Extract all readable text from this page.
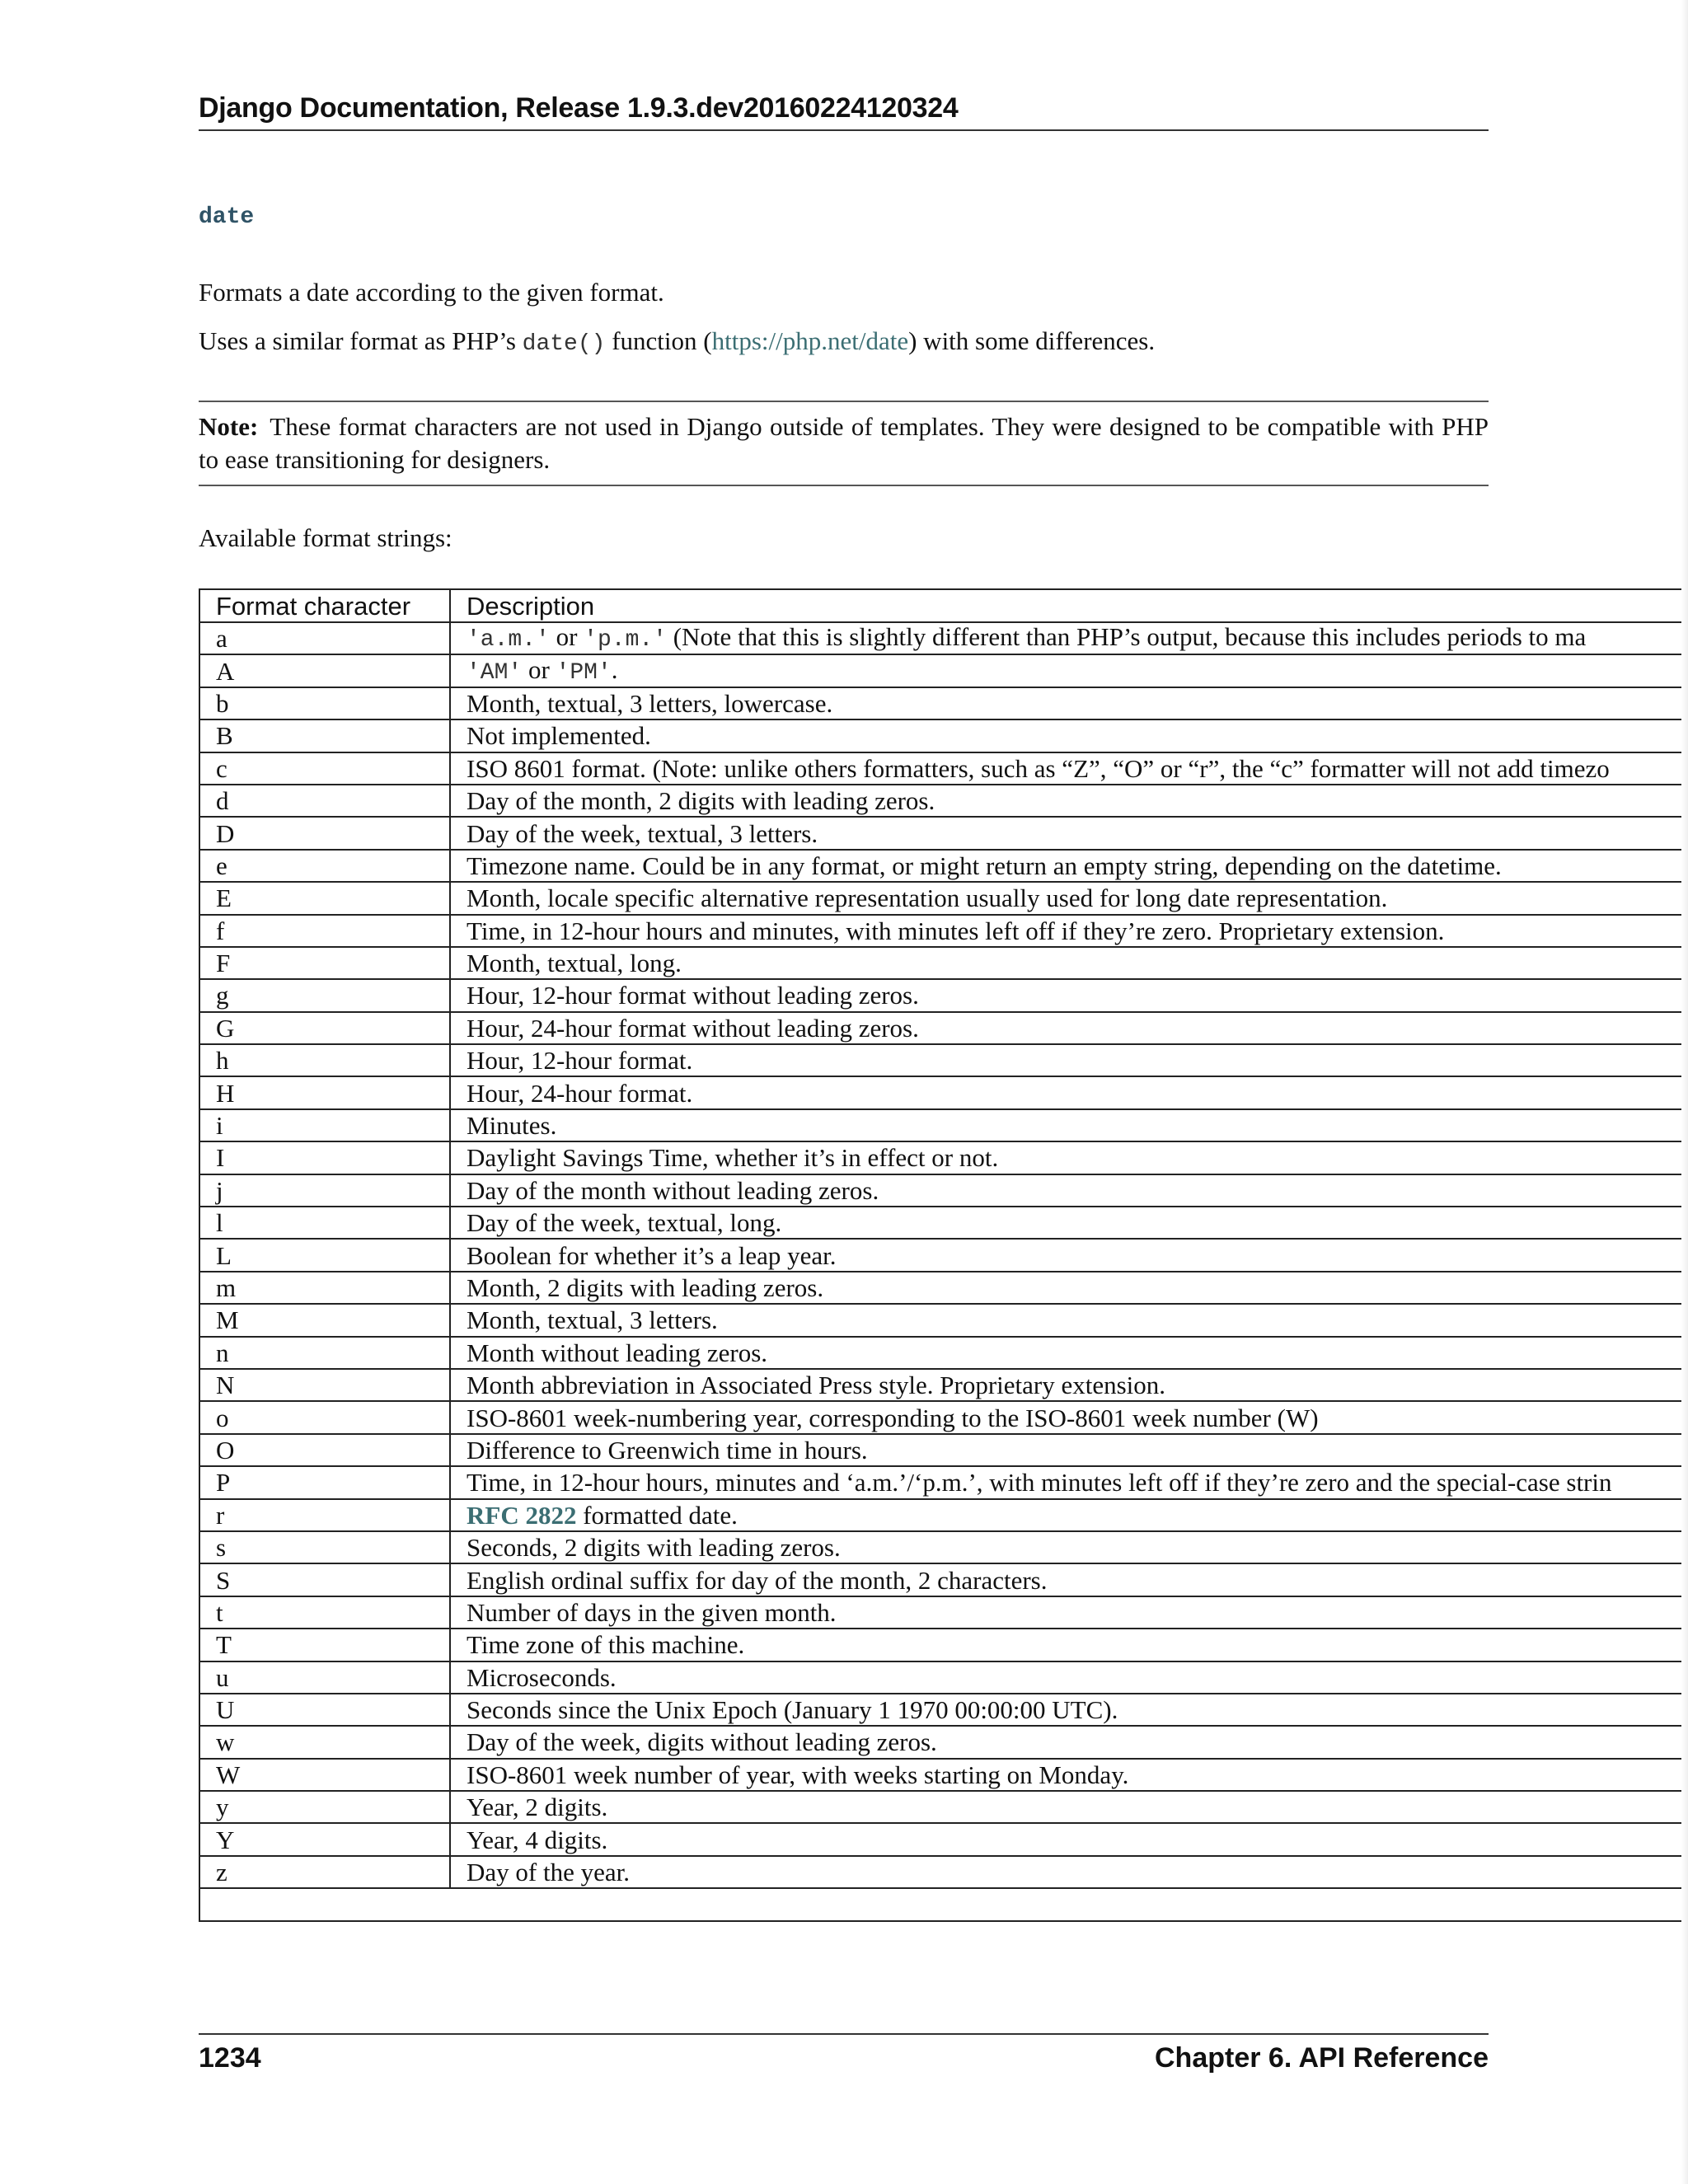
Django Documentation, Release 1.9.3.dev20160224120324
date
Formats a date according to the given format.
Uses a similar format as PHP’s date() function (https://php.net/date) with some differences.
Note: These format characters are not used in Django outside of templates. They were designed to be compatible with PHP to ease transitioning for designers.
Available format strings:
Format character	Description
a	'a.m.' or 'p.m.' (Note that this is slightly different than PHP’s output, because this includes periods to ma
A	'AM' or 'PM'.
b	Month, textual, 3 letters, lowercase.
B	Not implemented.
c	ISO 8601 format. (Note: unlike others formatters, such as “Z”, “O” or “r”, the “c” formatter will not add timezo
d	Day of the month, 2 digits with leading zeros.
D	Day of the week, textual, 3 letters.
e	Timezone name. Could be in any format, or might return an empty string, depending on the datetime.
E	Month, locale specific alternative representation usually used for long date representation.
f	Time, in 12-hour hours and minutes, with minutes left off if they’re zero. Proprietary extension.
F	Month, textual, long.
g	Hour, 12-hour format without leading zeros.
G	Hour, 24-hour format without leading zeros.
h	Hour, 12-hour format.
H	Hour, 24-hour format.
i	Minutes.
I	Daylight Savings Time, whether it’s in effect or not.
j	Day of the month without leading zeros.
l	Day of the week, textual, long.
L	Boolean for whether it’s a leap year.
m	Month, 2 digits with leading zeros.
M	Month, textual, 3 letters.
n	Month without leading zeros.
N	Month abbreviation in Associated Press style. Proprietary extension.
o	ISO-8601 week-numbering year, corresponding to the ISO-8601 week number (W)
O	Difference to Greenwich time in hours.
P	Time, in 12-hour hours, minutes and ‘a.m.’/‘p.m.’, with minutes left off if they’re zero and the special-case strin
r	RFC 2822 formatted date.
s	Seconds, 2 digits with leading zeros.
S	English ordinal suffix for day of the month, 2 characters.
t	Number of days in the given month.
T	Time zone of this machine.
u	Microseconds.
U	Seconds since the Unix Epoch (January 1 1970 00:00:00 UTC).
w	Day of the week, digits without leading zeros.
W	ISO-8601 week number of year, with weeks starting on Monday.
y	Year, 2 digits.
Y	Year, 4 digits.
z	Day of the year.

1234	Chapter 6. API Reference
